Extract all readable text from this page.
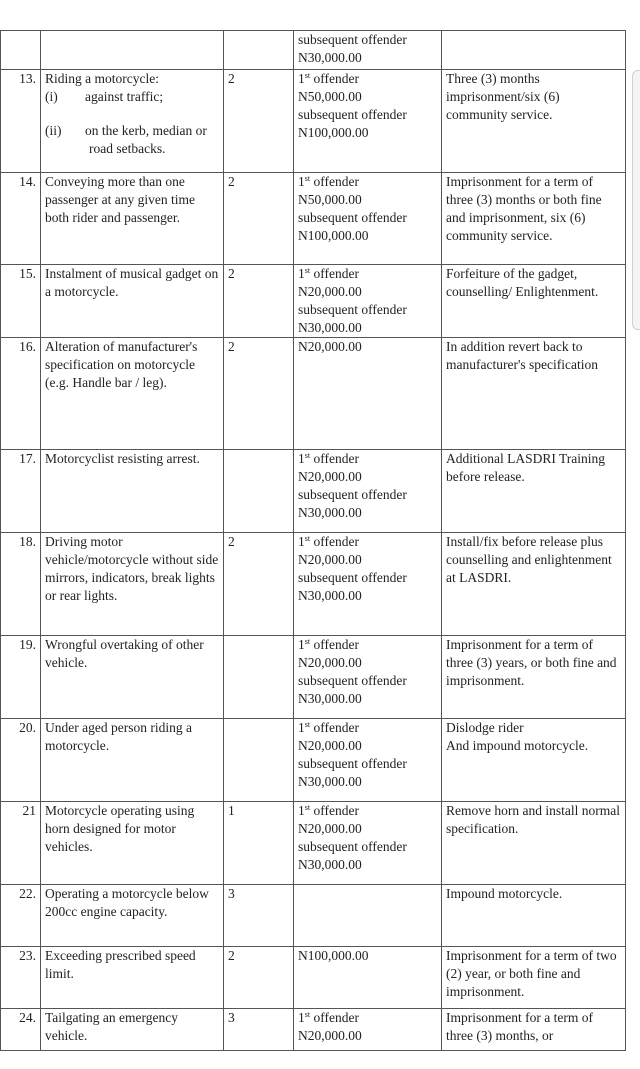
			subsequent offender
N30,000.00	

13.	Riding a motorcycle:
(i) against traffic;
(ii) on the kerb, median or road setbacks.	2	1st offender
N50,000.00
subsequent offender
N100,000.00	Three (3) months imprisonment/six (6) community service.
14.	Conveying more than one passenger at any given time both rider and passenger.	2	1st offender
N50,000.00
subsequent offender
N100,000.00	Imprisonment for a term of three (3) months or both fine and imprisonment, six (6) community service.
15.	Instalment of musical gadget on a motorcycle.	2	1st offender
N20,000.00
subsequent offender
N30,000.00	Forfeiture of the gadget, counselling/ Enlightenment.
16.	Alteration of manufacturer's specification on motorcycle (e.g. Handle bar / leg).	2	N20,000.00	In addition revert back to manufacturer's specification
17.	Motorcyclist resisting arrest.		1st offender
N20,000.00
subsequent offender
N30,000.00	Additional LASDRI Training before release.
18.	Driving motor vehicle/motorcycle without side mirrors, indicators, break lights or rear lights.	2	1st offender
N20,000.00
subsequent offender
N30,000.00	Install/fix before release plus counselling and enlightenment at LASDRI.
19.	Wrongful overtaking of other vehicle.		1st offender
N20,000.00
subsequent offender
N30,000.00	Imprisonment for a term of three (3) years, or both fine and imprisonment.
20.	Under aged person riding a motorcycle.		1st offender
N20,000.00
subsequent offender
N30,000.00	Dislodge rider
And impound motorcycle.

21	Motorcycle operating using horn designed for motor vehicles.	1	1st offender
N20,000.00
subsequent offender
N30,000.00	Remove horn and install normal specification.
22.	Operating a motorcycle below 200cc engine capacity.	3		Impound motorcycle.
23.	Exceeding prescribed speed limit.	2	N100,000.00	Imprisonment for a term of two (2) year, or both fine and imprisonment.
24.	Tailgating an emergency vehicle.	3	1st offender
N20,000.00	Imprisonment for a term of three (3) months, or
